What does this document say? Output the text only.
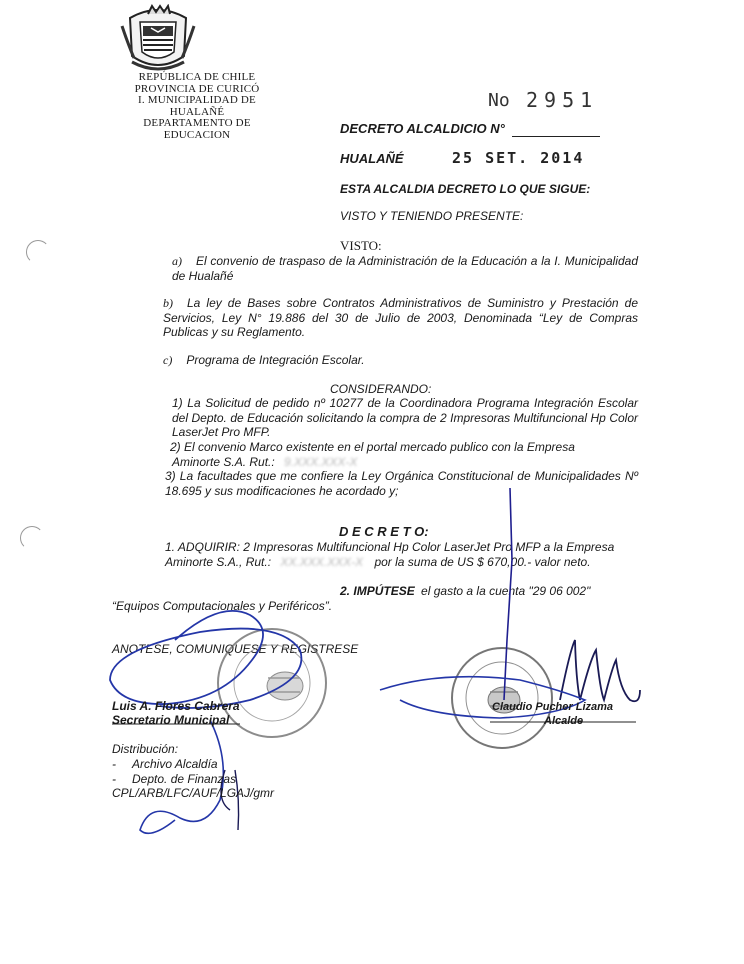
REPÚBLICA DE CHILE
PROVINCIA DE CURICÓ
I. MUNICIPALIDAD DE HUALAÑÉ
DEPARTAMENTO DE EDUCACION
No 2951
DECRETO ALCALDICIO N°
HUALAÑÉ	25 SET. 2014
ESTA ALCALDIA DECRETO LO QUE SIGUE:
VISTO Y TENIENDO PRESENTE:
VISTO:
a) El convenio de traspaso de la Administración de la Educación a la I. Municipalidad de Hualañé
b) La ley de Bases sobre Contratos Administrativos de Suministro y Prestación de Servicios, Ley N° 19.886 del 30 de Julio de 2003, Denominada “Ley de Compras Publicas y su Reglamento.
c) Programa de Integración Escolar.
CONSIDERANDO:
1) La Solicitud de pedido nº 10277 de la Coordinadora Programa Integración Escolar del Depto. de Educación solicitando la compra de 2 Impresoras Multifuncional Hp Color LaserJet Pro MFP.
2) El convenio Marco existente en el portal mercado publico con la Empresa
Aminorte S.A. Rut.: 9.XXX.XXX-X
3) La facultades que me confiere la Ley Orgánica Constitucional de Municipalidades Nº 18.695 y sus modificaciones he acordado y;
D E C R E T O:
1. ADQUIRIR: 2 Impresoras Multifuncional Hp Color LaserJet Pro MFP a la Empresa
Aminorte S.A., Rut.: XX.XXX.XXX-X por la suma de US $ 670,00.- valor neto.
2. IMPÚTESE el gasto a la cuenta "29 06 002"
“Equipos Computacionales y Periféricos”.
ANOTESE, COMUNIQUESE Y REGISTRESE
Luis A. Flores Cabrera
Secretario Municipal
Claudio Pucher Lizama
Alcalde
Distribución:
- Archivo Alcaldía
- Depto. de Finanzas
CPL/ARB/LFC/AUF/LGAJ/gmr
